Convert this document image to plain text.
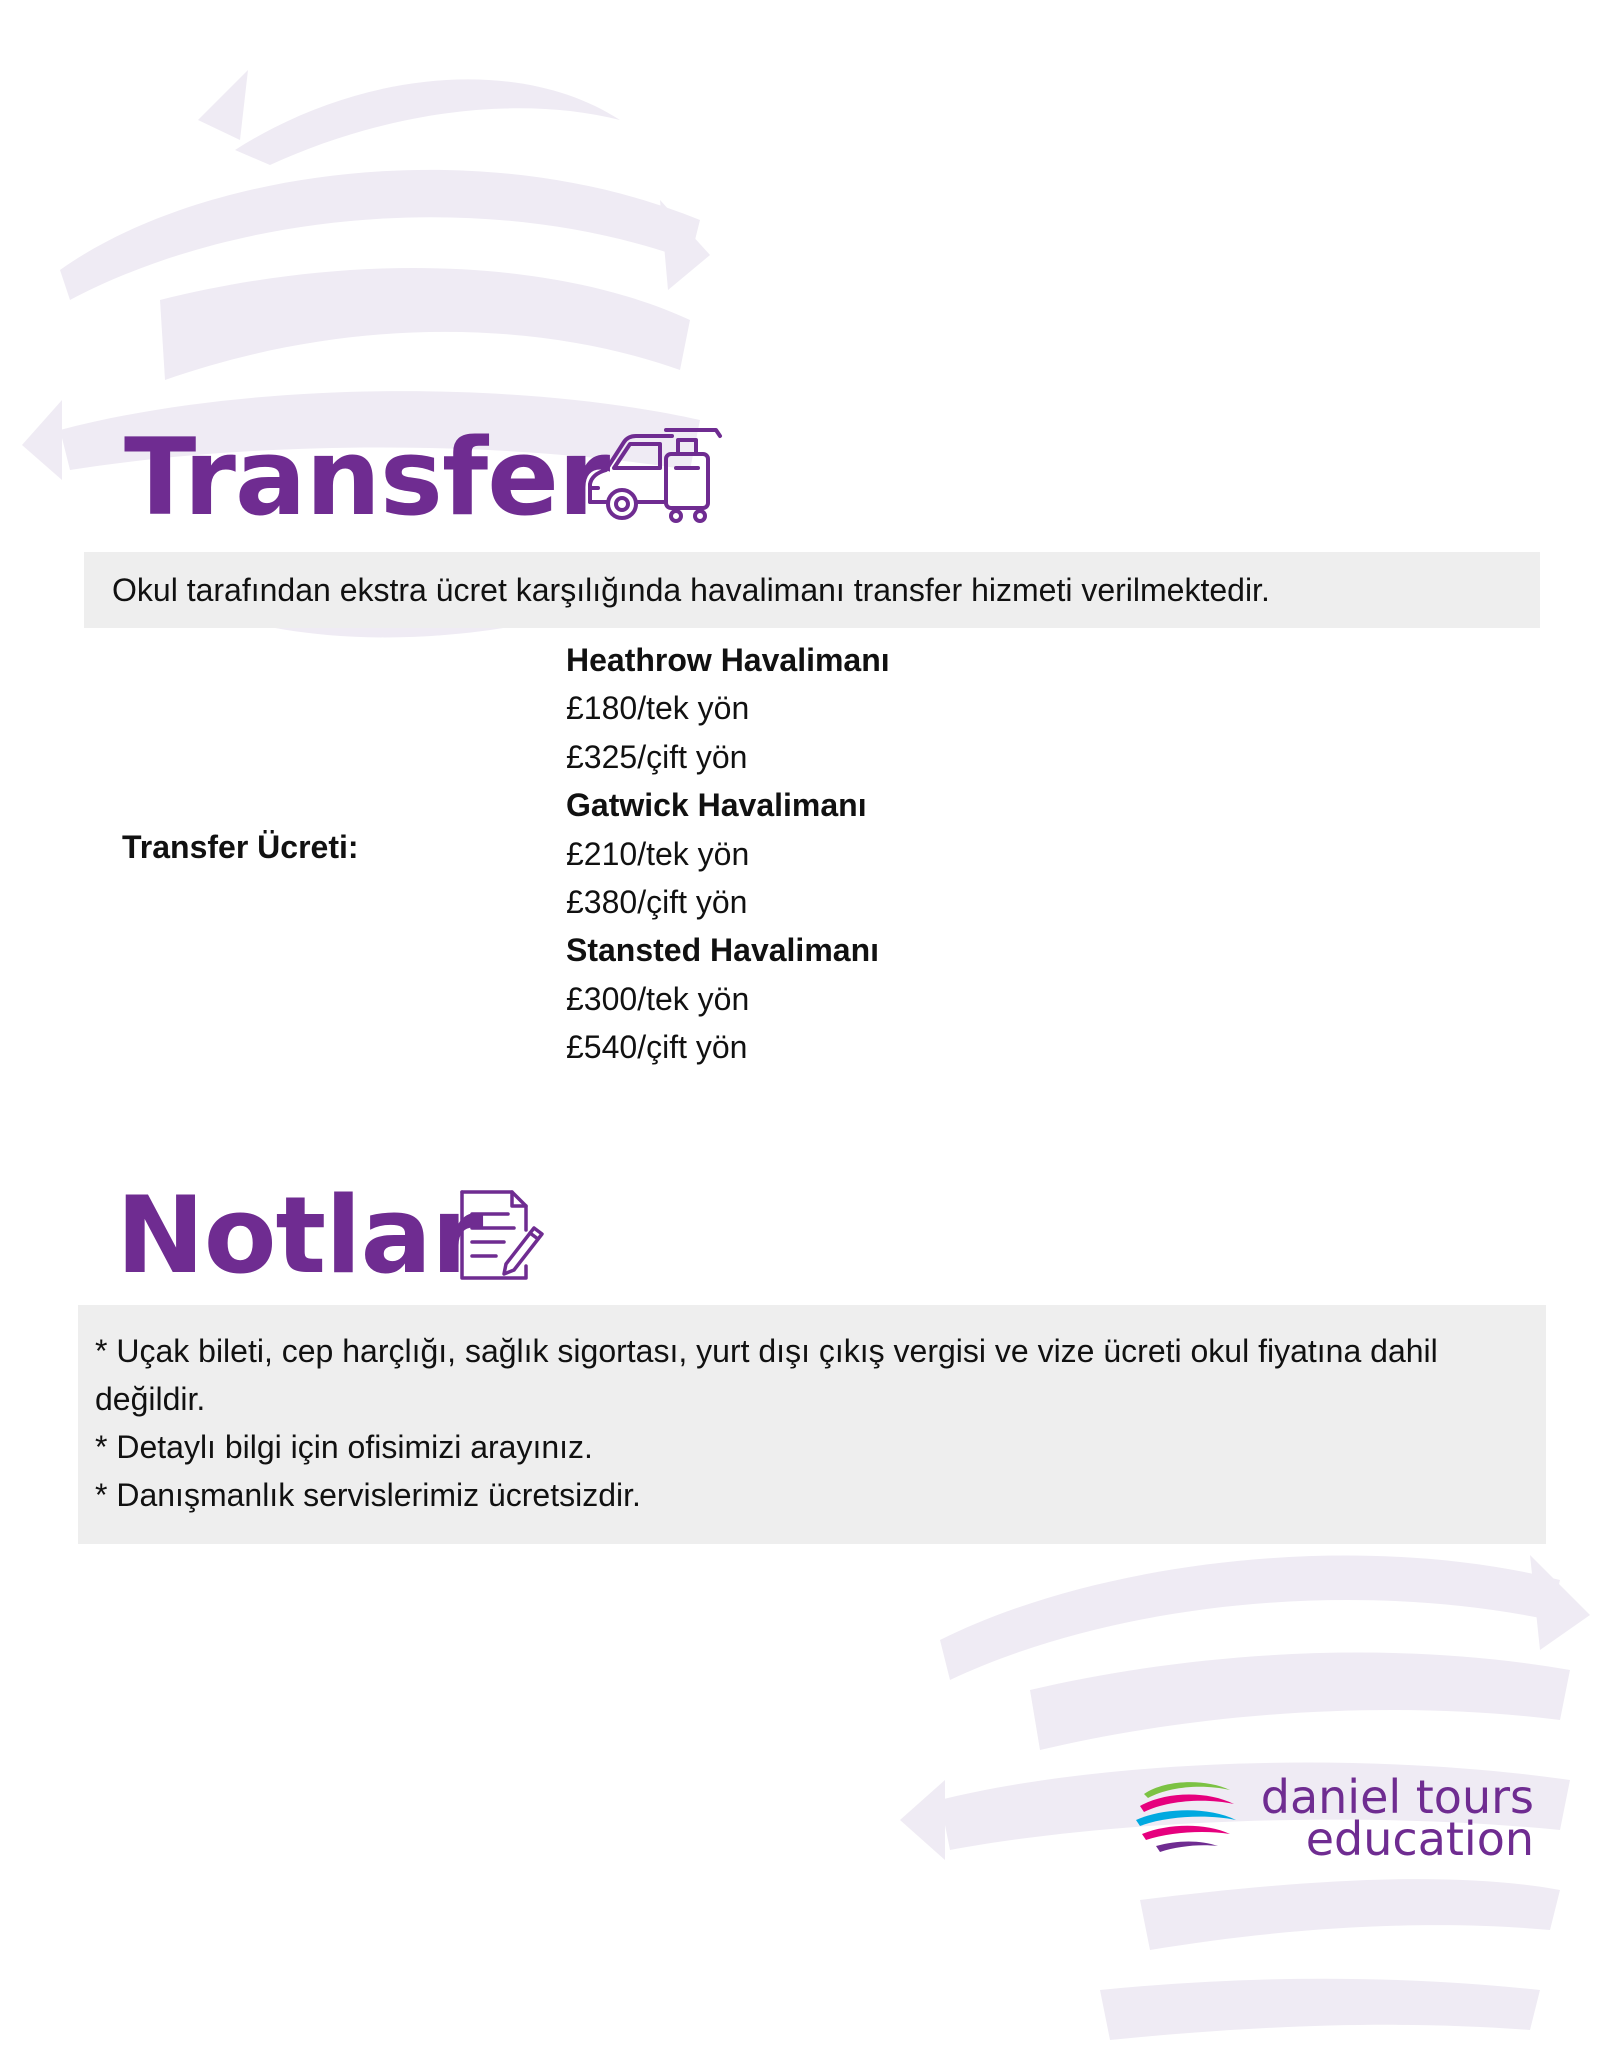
Transfer
Okul tarafından ekstra ücret karşılığında havalimanı transfer hizmeti verilmektedir.
Transfer Ücreti:
Heathrow Havalimanı
£180/tek yön
£325/çift yön
Gatwick Havalimanı
£210/tek yön
£380/çift yön
Stansted Havalimanı
£300/tek yön
£540/çift yön
Notlar
* Uçak bileti, cep harçlığı, sağlık sigortası, yurt dışı çıkış vergisi ve vize ücreti okul fiyatına dahil değildir.
* Detaylı bilgi için ofisimizi arayınız.
* Danışmanlık servislerimiz ücretsizdir.
daniel tours
education
